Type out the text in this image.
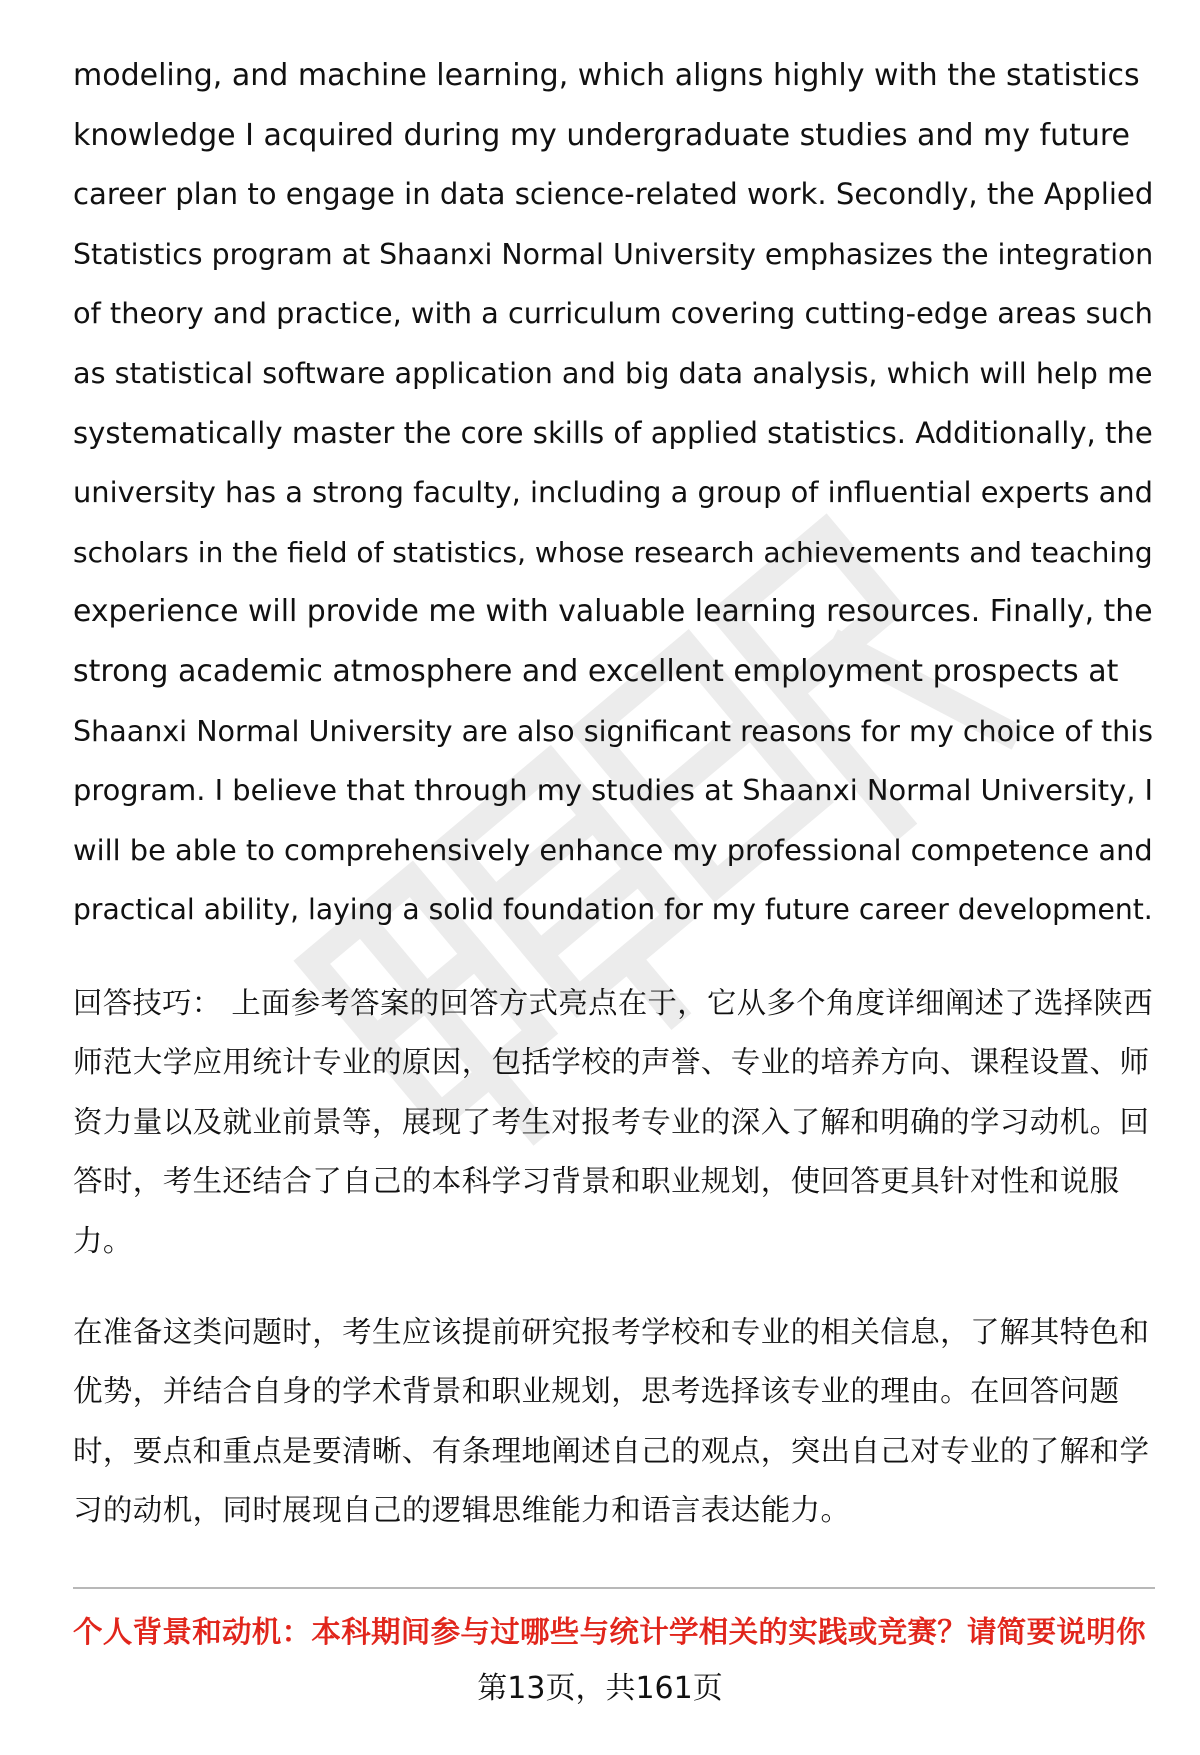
modeling, and machine learning, which aligns highly with the statistics
knowledge I acquired during my undergraduate studies and my future
career plan to engage in data science-related work. Secondly, the Applied
Statistics program at Shaanxi Normal University emphasizes the integration
of theory and practice, with a curriculum covering cutting-edge areas such
as statistical software application and big data analysis, which will help me
systematically master the core skills of applied statistics. Additionally, the
university has a strong faculty, including a group of influential experts and
scholars in the field of statistics, whose research achievements and teaching
experience will provide me with valuable learning resources. Finally, the
strong academic atmosphere and excellent employment prospects at
Shaanxi Normal University are also significant reasons for my choice of this
program. I believe that through my studies at Shaanxi Normal University, I
will be able to comprehensively enhance my professional competence and
practical ability, laying a solid foundation for my future career development.
回答技巧： 上面参考答案的回答方式亮点在于，它从多个角度详细阐述了选择陕西
师范大学应用统计专业的原因，包括学校的声誉、专业的培养方向、课程设置、师
资力量以及就业前景等，展现了考生对报考专业的深入了解和明确的学习动机。回
答时，考生还结合了自己的本科学习背景和职业规划，使回答更具针对性和说服
力。
在准备这类问题时，考生应该提前研究报考学校和专业的相关信息，了解其特色和
优势，并结合自身的学术背景和职业规划，思考选择该专业的理由。在回答问题
时，要点和重点是要清晰、有条理地阐述自己的观点，突出自己对专业的了解和学
习的动机，同时展现自己的逻辑思维能力和语言表达能力。

个人背景和动机：本科期间参与过哪些与统计学相关的实践或竞赛？请简要说明你

第13页，共161页
